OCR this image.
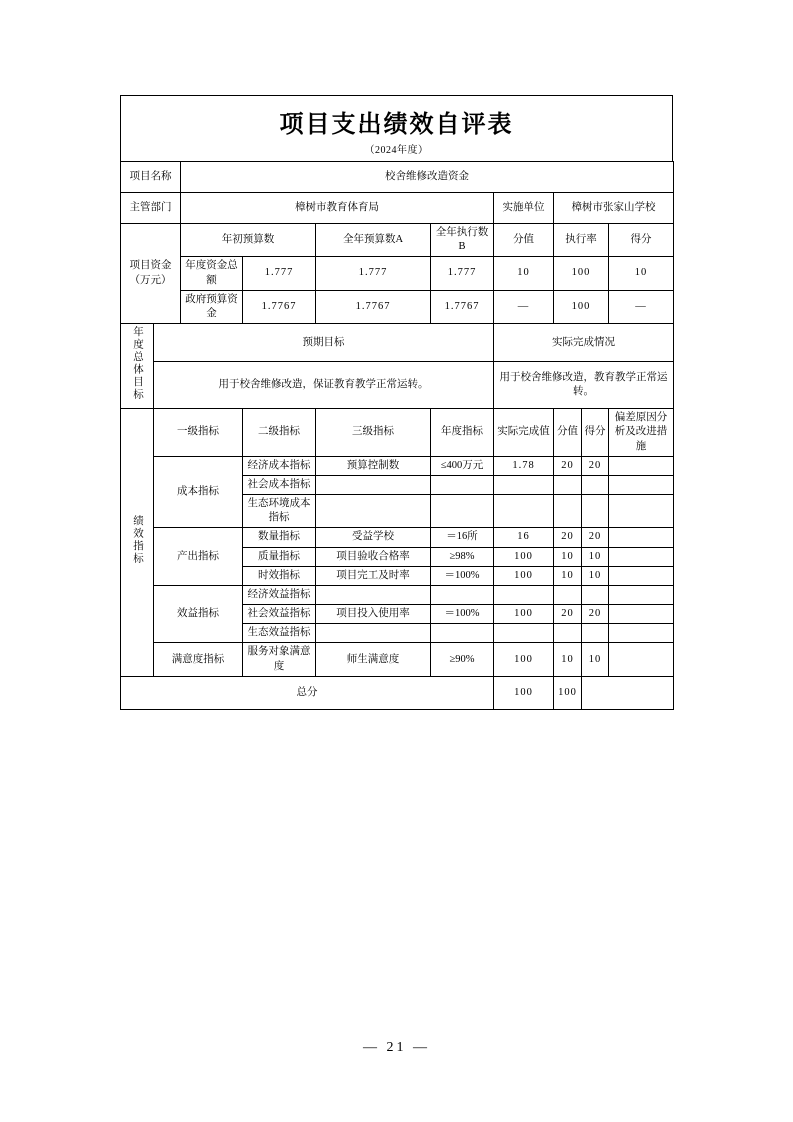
项目支出绩效自评表
（2024年度）
项目名称		校舍维修改造资金							
主管部门		樟树市教育体育局				实施单位	樟树市张家山学校		

项目资金
（万元）		年初预算数		全年预算数A	全年执行数B	分值	执行率		得分
		年度资金总额	1.777	1.777	1.777	10	100		10
		政府预算资金	1.7767	1.7767	1.7767	—	100		—
年度总体目标	预期目标					实际完成情况			
	用于校舍维修改造，保证教育教学正常运转。					用于校舍维修改造，教育教学正常运转。			
绩效指标	一级指标		二级指标	三级指标	年度指标	实际完成值	分值	得分	偏差原因分析及改进措施
	成本指标		经济成本指标	预算控制数	≤400万元	1.78	20	20	
			社会成本指标						
			生态环境成本指标						
	产出指标		数量指标	受益学校	＝16所	16	20	20	
			质量指标	项目验收合格率	≥98%	100	10	10	
			时效指标	项目完工及时率	＝100%	100	10	10	
	效益指标		经济效益指标						
			社会效益指标	项目投入使用率	＝100%	100	20	20	
			生态效益指标						
	满意度指标		服务对象满意度	师生满意度	≥90%	100	10	10	
总分						100	100		
— 21 —
